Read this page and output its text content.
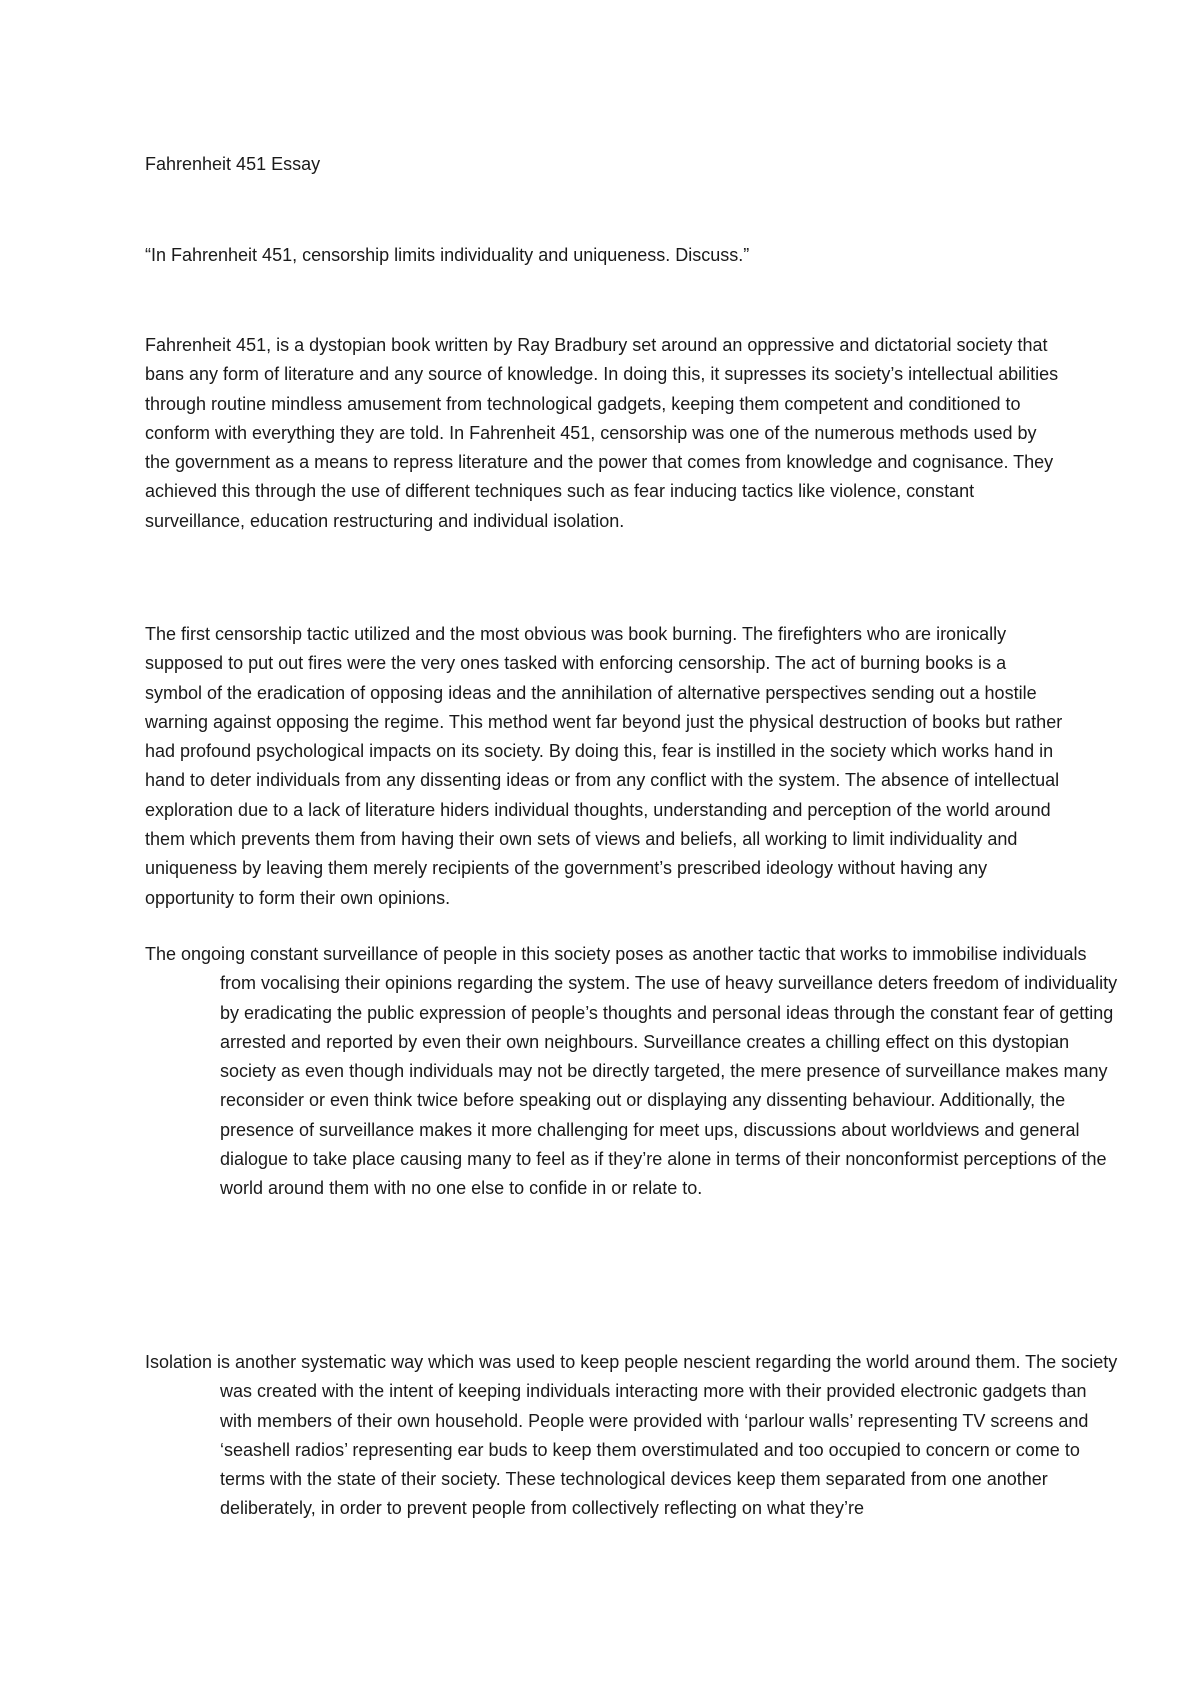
Fahrenheit 451 Essay

“In Fahrenheit 451, censorship limits individuality and uniqueness. Discuss.”

Fahrenheit 451, is a dystopian book written by Ray Bradbury set around an oppressive and dictatorial society that bans any form of literature and any source of knowledge. In doing this, it supresses its society’s intellectual abilities through routine mindless amusement from technological gadgets, keeping them competent and conditioned to conform with everything they are told. In Fahrenheit 451, censorship was one of the numerous methods used by the government as a means to repress literature and the power that comes from knowledge and cognisance. They achieved this through the use of different techniques such as fear inducing tactics like violence, constant surveillance, education restructuring and individual isolation.

The first censorship tactic utilized and the most obvious was book burning. The firefighters who are ironically supposed to put out fires were the very ones tasked with enforcing censorship. The act of burning books is a symbol of the eradication of opposing ideas and the annihilation of alternative perspectives sending out a hostile warning against opposing the regime. This method went far beyond just the physical destruction of books but rather had profound psychological impacts on its society. By doing this, fear is instilled in the society which works hand in hand to deter individuals from any dissenting ideas or from any conflict with the system. The absence of intellectual exploration due to a lack of literature hiders individual thoughts, understanding and perception of the world around them which prevents them from having their own sets of views and beliefs, all working to limit individuality and uniqueness by leaving them merely recipients of the government’s prescribed ideology without having any opportunity to form their own opinions.

The ongoing constant surveillance of people in this society poses as another tactic that works to immobilise individuals from vocalising their opinions regarding the system. The use of heavy surveillance deters freedom of individuality by eradicating the public expression of people’s thoughts and personal ideas through the constant fear of getting arrested and reported by even their own neighbours. Surveillance creates a chilling effect on this dystopian society as even though individuals may not be directly targeted, the mere presence of surveillance makes many reconsider or even think twice before speaking out or displaying any dissenting behaviour. Additionally, the presence of surveillance makes it more challenging for meet ups, discussions about worldviews and general dialogue to take place causing many to feel as if they’re alone in terms of their nonconformist perceptions of the world around them with no one else to confide in or relate to.

Isolation is another systematic way which was used to keep people nescient regarding the world around them. The society was created with the intent of keeping individuals interacting more with their provided electronic gadgets than with members of their own household. People were provided with ‘parlour walls’ representing TV screens and ‘seashell radios’ representing ear buds to keep them overstimulated and too occupied to concern or come to terms with the state of their society. These technological devices keep them separated from one another deliberately, in order to prevent people from collectively reflecting on what they’re
